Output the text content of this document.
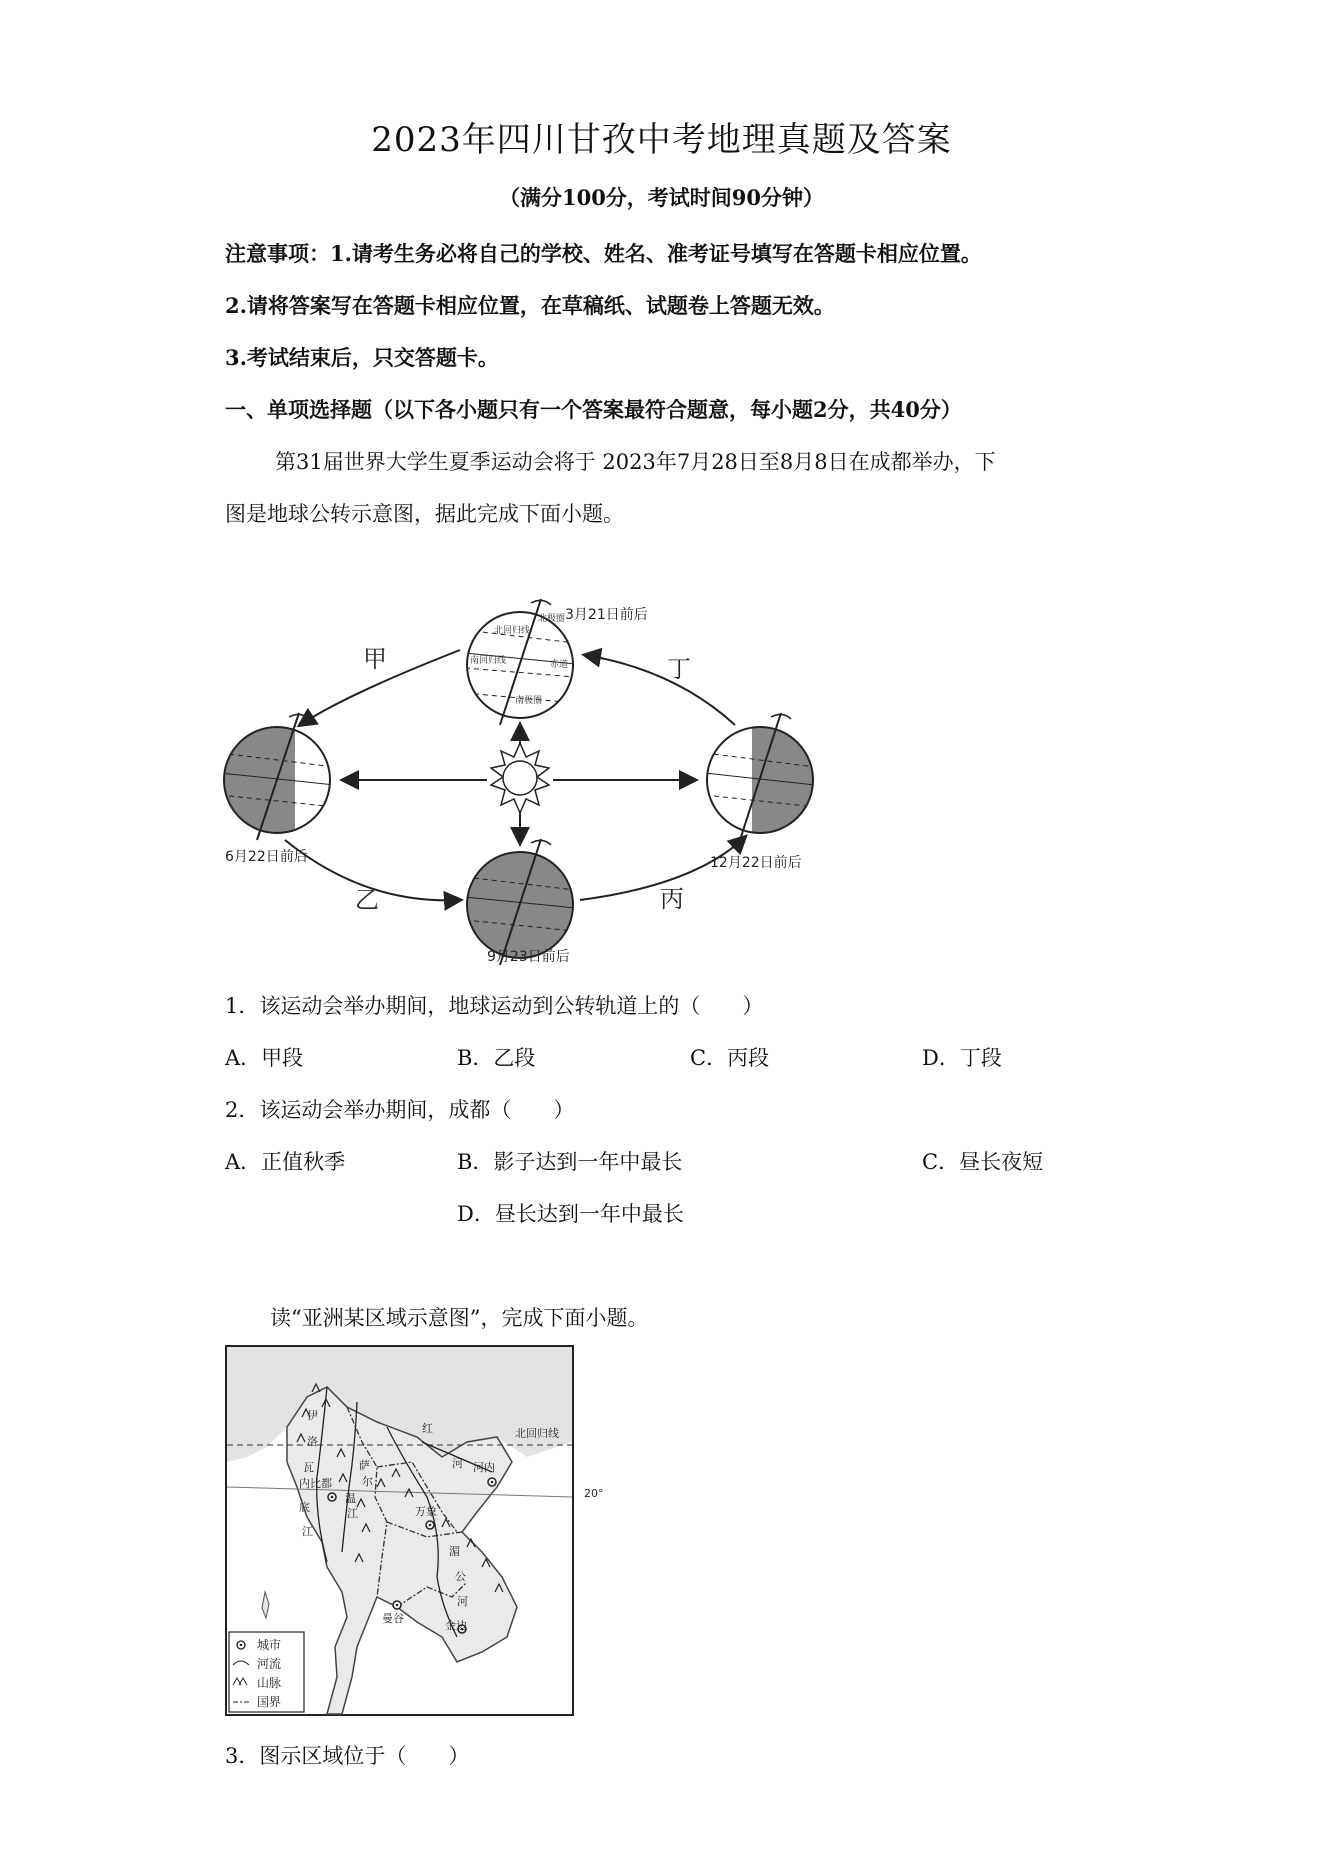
2023年四川甘孜中考地理真题及答案
（满分100分，考试时间90分钟）
注意事项：1.请考生务必将自己的学校、姓名、准考证号填写在答题卡相应位置。
2.请将答案写在答题卡相应位置，在草稿纸、试题卷上答题无效。
3.考试结束后，只交答题卡。
一、单项选择题（以下各小题只有一个答案最符合题意，每小题2分，共40分）
第31届世界大学生夏季运动会将于 2023年7月28日至8月8日在成都举办，下
图是地球公转示意图，据此完成下面小题。
北回归线
北极圈
赤道
南回归线
南极圈
3月21日前后
6月22日前后	12月22日前后
9月23日前后
甲
乙	丙
丁
1．该运动会举办期间，地球运动到公转轨道上的（　　）
A．甲段	B．乙段	C．丙段	D．丁段
2．该运动会举办期间，成都（　　）
A．正值秋季	B．影子达到一年中最长	C．昼长夜短
D．昼长达到一年中最长
读“亚洲某区域示意图”，完成下面小题。
北回归线
河内
内比都
万象
曼谷
金边
20°
伊
洛
瓦
底
江
萨
尔
温
江
红
河
湄
公
河
城市
河流
山脉
国界
3．图示区域位于（　　）
